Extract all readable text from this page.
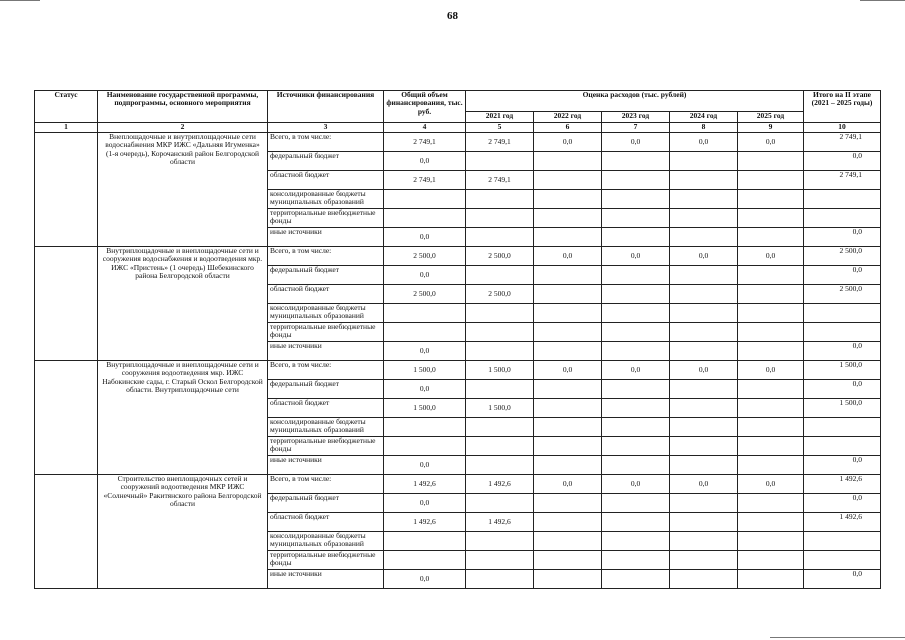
68
Статус	Наименование государственной программы, подпрограммы, основного мероприятия	Источники финансирования	Общий объем финансирования, тыс. руб.	Оценка расходов (тыс. рублей)					Итого на II этапе (2021 – 2025 годы)
				2021 год	2022 год	2023 год	2024 год	2025 год	
1	2	3	4	5	6	7	8	9	10
	Внеплощадочные и внутриплощадочные сети водоснабжения МКР ИЖС «Дальняя Игуменка» (1-я очередь), Корочанский район Белгородской области	Всего, в том числе:	2 749,1	2 749,1	0,0	0,0	0,0	0,0	2 749,1
		федеральный бюджет	0,0						0,0
		областной бюджет	2 749,1	2 749,1					2 749,1
		консолидированные бюджеты муниципальных образований							
		территориальные внебюджетные фонды							
		иные источники	0,0						0,0
	Внутриплощадочные и внеплощадочные сети и сооружения водоснабжения и водоотведения мкр. ИЖС «Пристень» (1 очередь) Шебекинского района Белгородской области	Всего, в том числе:	2 500,0	2 500,0	0,0	0,0	0,0	0,0	2 500,0
		федеральный бюджет	0,0						0,0
		областной бюджет	2 500,0	2 500,0					2 500,0
		консолидированные бюджеты муниципальных образований							
		территориальные внебюджетные фонды							
		иные источники	0,0						0,0
	Внутриплощадочные и внеплощадочные сети и сооружения водоотведения мкр. ИЖС Набокинские сады, г. Старый Оскол Белгородской области. Внутриплощадочные сети	Всего, в том числе:	1 500,0	1 500,0	0,0	0,0	0,0	0,0	1 500,0
		федеральный бюджет	0,0						0,0
		областной бюджет	1 500,0	1 500,0					1 500,0
		консолидированные бюджеты муниципальных образований							
		территориальные внебюджетные фонды							
		иные источники	0,0						0,0
	Строительство внеплощадочных сетей и сооружений водоотведения МКР ИЖС «Солнечный» Ракитянского района Белгородской области	Всего, в том числе:	1 492,6	1 492,6	0,0	0,0	0,0	0,0	1 492,6
		федеральный бюджет	0,0						0,0
		областной бюджет	1 492,6	1 492,6					1 492,6
		консолидированные бюджеты муниципальных образований							
		территориальные внебюджетные фонды							
		иные источники	0,0						0,0
